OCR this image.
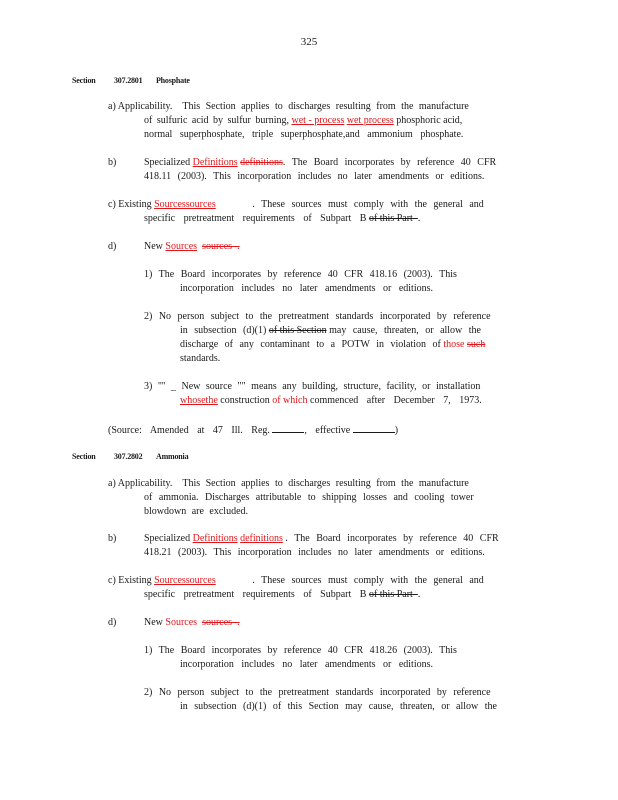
325
Section 307.2801 Phosphate
a) Applicability. This Section applies to discharges resulting from the manufacture
of sulfuric acid by sulfur burning, wet - process wet process phosphoric acid,
normal superphosphate, triple superphosphate,and ammonium phosphate.
b)	Specialized Definitions definitions. The Board incorporates by reference 40 CFR
418.11 (2003). This incorporation includes no later amendments or editions.
c) Existing Sourcessources	. These sources must comply with the general and
specific pretreatment requirements of Subpart B of this Part .
d)	New Sources sources  .
1) The Board incorporates by reference 40 CFR 418.16 (2003). This
incorporation includes no later amendments or editions.
2) No person subject to the pretreatment standards incorporated by reference
in subsection (d)(1) of this Section may cause, threaten, or allow the
discharge of any contaminant to a POTW in violation of those such
standards.
3) "'' _ New source "" means any building, structure, facility, or installation
whosethe construction of which commenced after December 7, 1973.
(Source: Amended at 47 Ill. Reg.	, effective	)
Section 307.2802 Ammonia
a) Applicability. This Section applies to discharges resulting from the manufacture
of ammonia. Discharges attributable to shipping losses and cooling tower
blowdown are excluded.
b)	Specialized Definitions definitions . The Board incorporates by reference 40 CFR
418.21 (2003). This incorporation includes no later amendments or editions.
c) Existing Sourcessources	. These sources must comply with the general and
specific pretreatment requirements of Subpart B of this Part .
d)	New Sources sources  .
1) The Board incorporates by reference 40 CFR 418.26 (2003). This
incorporation includes no later amendments or editions.
2) No person subject to the pretreatment standards incorporated by reference
in subsection (d)(1) of this Section may cause, threaten, or allow the
